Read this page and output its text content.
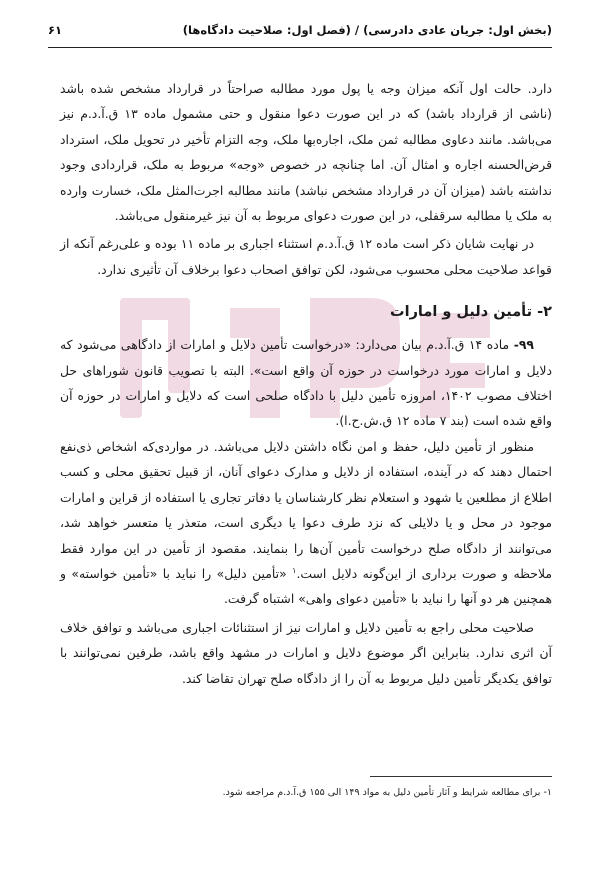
(بخش اول: جریان عادی دادرسی) / (فصل اول: صلاحیت دادگاه‌ها)
۶۱

دارد. حالت اول آنکه میزان وجه یا پول مورد مطالبه صراحتاً در قرارداد مشخص شده باشد (ناشی از قرارداد باشد) که در این صورت دعوا منقول و حتی مشمول ماده ۱۳ ق.آ.د.م نیز می‌باشد. مانند دعاوی مطالبه ثمن ملک، اجاره‌بها ملک، وجه التزام تأخیر در تحویل ملک، استرداد قرض‌الحسنه اجاره و امثال آن. اما چنانچه در خصوص «وجه» مربوط به ملک، قراردادی وجود نداشته باشد (میزان آن در قرارداد مشخص نباشد) مانند مطالبه اجرت‌المثل ملک، خسارت وارده به ملک یا مطالبه سرقفلی، در این صورت دعوای مربوط به آن نیز غیرمنقول می‌باشد.

در نهایت شایان ذکر است ماده ۱۲ ق.آ.د.م استثناء اجباری بر ماده ۱۱ بوده و علی‌رغم آنکه از قواعد صلاحیت محلی محسوب می‌شود، لکن توافق اصحاب دعوا برخلاف آن تأثیری ندارد.

۲- تأمین دلیل و امارات

۹۹- ماده ۱۴ ق.آ.د.م بیان می‌دارد: «درخواست تأمین دلایل و امارات از دادگاهی می‌شود که دلایل و امارات مورد درخواست در حوزه آن واقع است». البته با تصویب قانون شوراهای حل اختلاف مصوب ۱۴۰۲، امروزه تأمین دلیل با دادگاه صلحی است که دلایل و امارات در حوزه آن واقع شده است (بند ۷ ماده ۱۲ ق.ش.ح.ا).

منظور از تأمین دلیل، حفظ و امن نگاه داشتن دلایل می‌باشد. در مواردی‌که اشخاص ذی‌نفع احتمال دهند که در آینده، استفاده از دلایل و مدارک دعوای آنان، از قبیل تحقیق محلی و کسب اطلاع از مطلعین یا شهود و استعلام نظر کارشناسان یا دفاتر تجاری یا استفاده از قراین و امارات موجود در محل و یا دلایلی که نزد طرف دعوا یا دیگری است، متعذر یا متعسر خواهد شد، می‌توانند از دادگاه صلح درخواست تأمین آن‌ها را بنمایند. مقصود از تأمین در این موارد فقط ملاحظه و صورت برداری از این‌گونه دلایل است.$^۱$ «تأمین دلیل» را نباید با «تأمین خواسته» و همچنین هر دو آنها را نباید با «تأمین دعوای واهی» اشتباه گرفت.

صلاحیت محلی راجع به تأمین دلایل و امارات نیز از استثنائات اجباری می‌باشد و توافق خلاف آن اثری ندارد. بنابراین اگر موضوع دلایل و امارات در مشهد واقع باشد، طرفین نمی‌توانند با توافق یکدیگر تأمین دلیل مربوط به آن را از دادگاه صلح تهران تقاضا کند.

۱- برای مطالعه شرایط و آثار تأمین دلیل به مواد ۱۴۹ الی ۱۵۵ ق.آ.د.م مراجعه شود.
